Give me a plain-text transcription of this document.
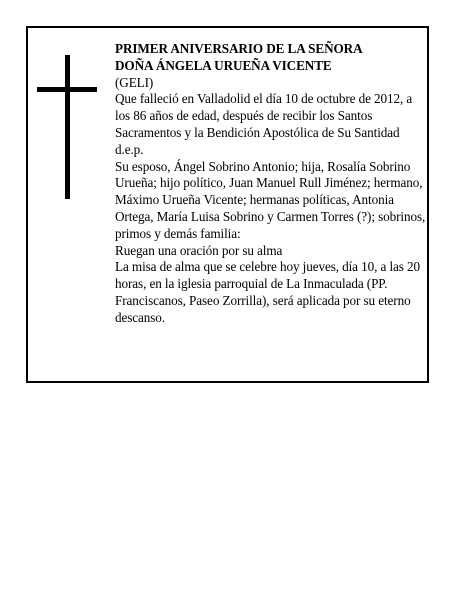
PRIMER ANIVERSARIO DE LA SEÑORA

DOÑA ÁNGELA URUEÑA VICENTE

(GELI)

Que falleció en Valladolid el día 10 de octubre de 2012, a los 86 años de edad, después de recibir los Santos Sacramentos y la Bendición Apostólica de Su Santidad

d.e.p.

Su esposo, Ángel Sobrino Antonio; hija, Rosalía Sobrino Urueña; hijo político, Juan Manuel Rull Jiménez; hermano, Máximo Urueña Vicente; hermanas políticas, Antonia Ortega, María Luisa Sobrino y Carmen Torres (?); sobrinos, primos y demás familia:

Ruegan una oración por su alma

La misa de alma que se celebre hoy jueves, día 10, a las 20 horas, en la iglesia parroquial de La Inmaculada (PP. Franciscanos, Paseo Zorrilla), será aplicada por su eterno descanso.
